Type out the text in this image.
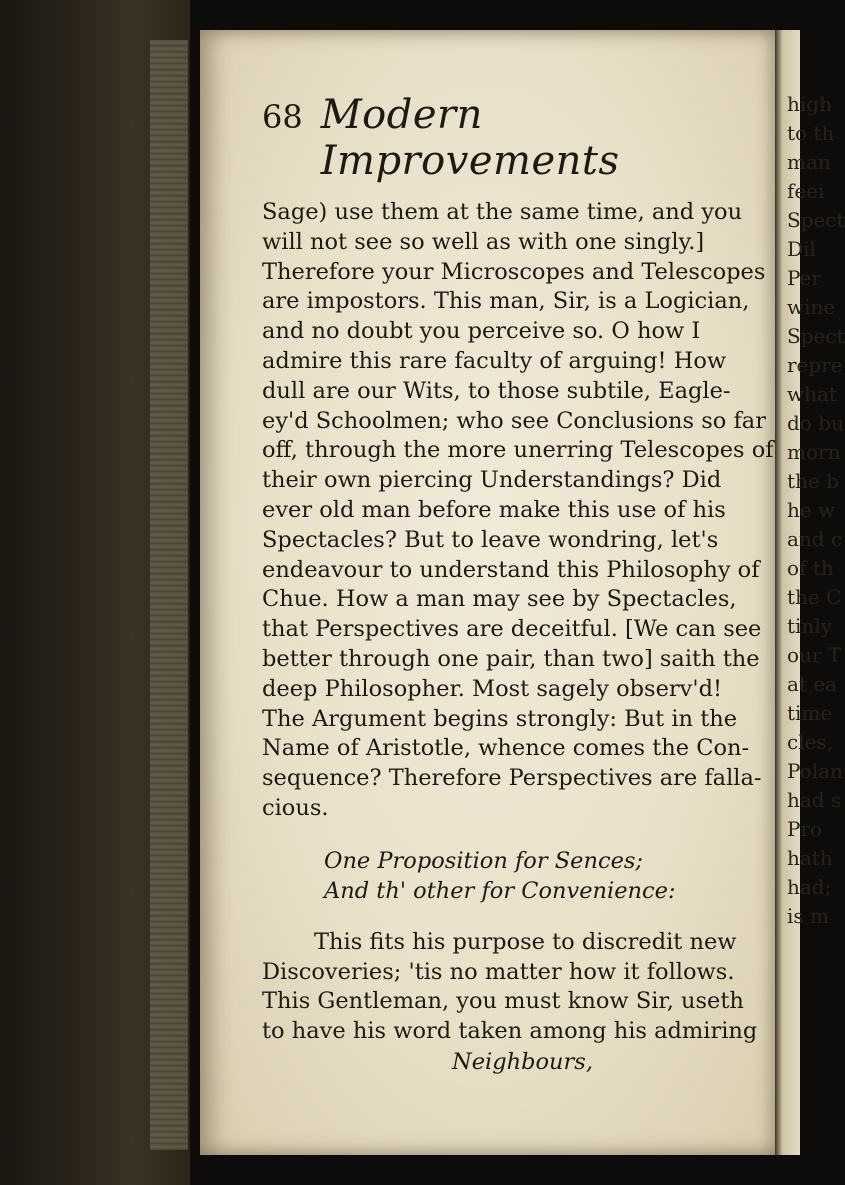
high
to th
man
feei
Spect
Dil
Per
wine
Spect
repre
what
do bu
morn
the b
he w
and c
of th
the C
tinly
our T
at ea
time
cles,
Polan
had s
Pro
hath
had;
is m
68 Modern Improvements
Sage) use them at the same time, and you
will not see so well as with one singly.]
Therefore your Microscopes and Telescopes
are impostors. This man, Sir, is a Logician,
and no doubt you perceive so. O how I
admire this rare faculty of arguing! How
dull are our Wits, to those subtile, Eagle-
ey'd Schoolmen; who see Conclusions so far
off, through the more unerring Telescopes of
their own piercing Understandings? Did
ever old man before make this use of his
Spectacles? But to leave wondring, let's
endeavour to understand this Philosophy of
Chue. How a man may see by Spectacles,
that Perspectives are deceitful. [We can see
better through one pair, than two] saith the
deep Philosopher. Most sagely observ'd!
The Argument begins strongly: But in the
Name of Aristotle, whence comes the Con-
sequence? Therefore Perspectives are falla-
cious.
One Proposition for Sences;
And th' other for Convenience:
This fits his purpose to discredit new
Discoveries; 'tis no matter how it follows.
This Gentleman, you must know Sir, useth
to have his word taken among his admiring
Neighbours,
